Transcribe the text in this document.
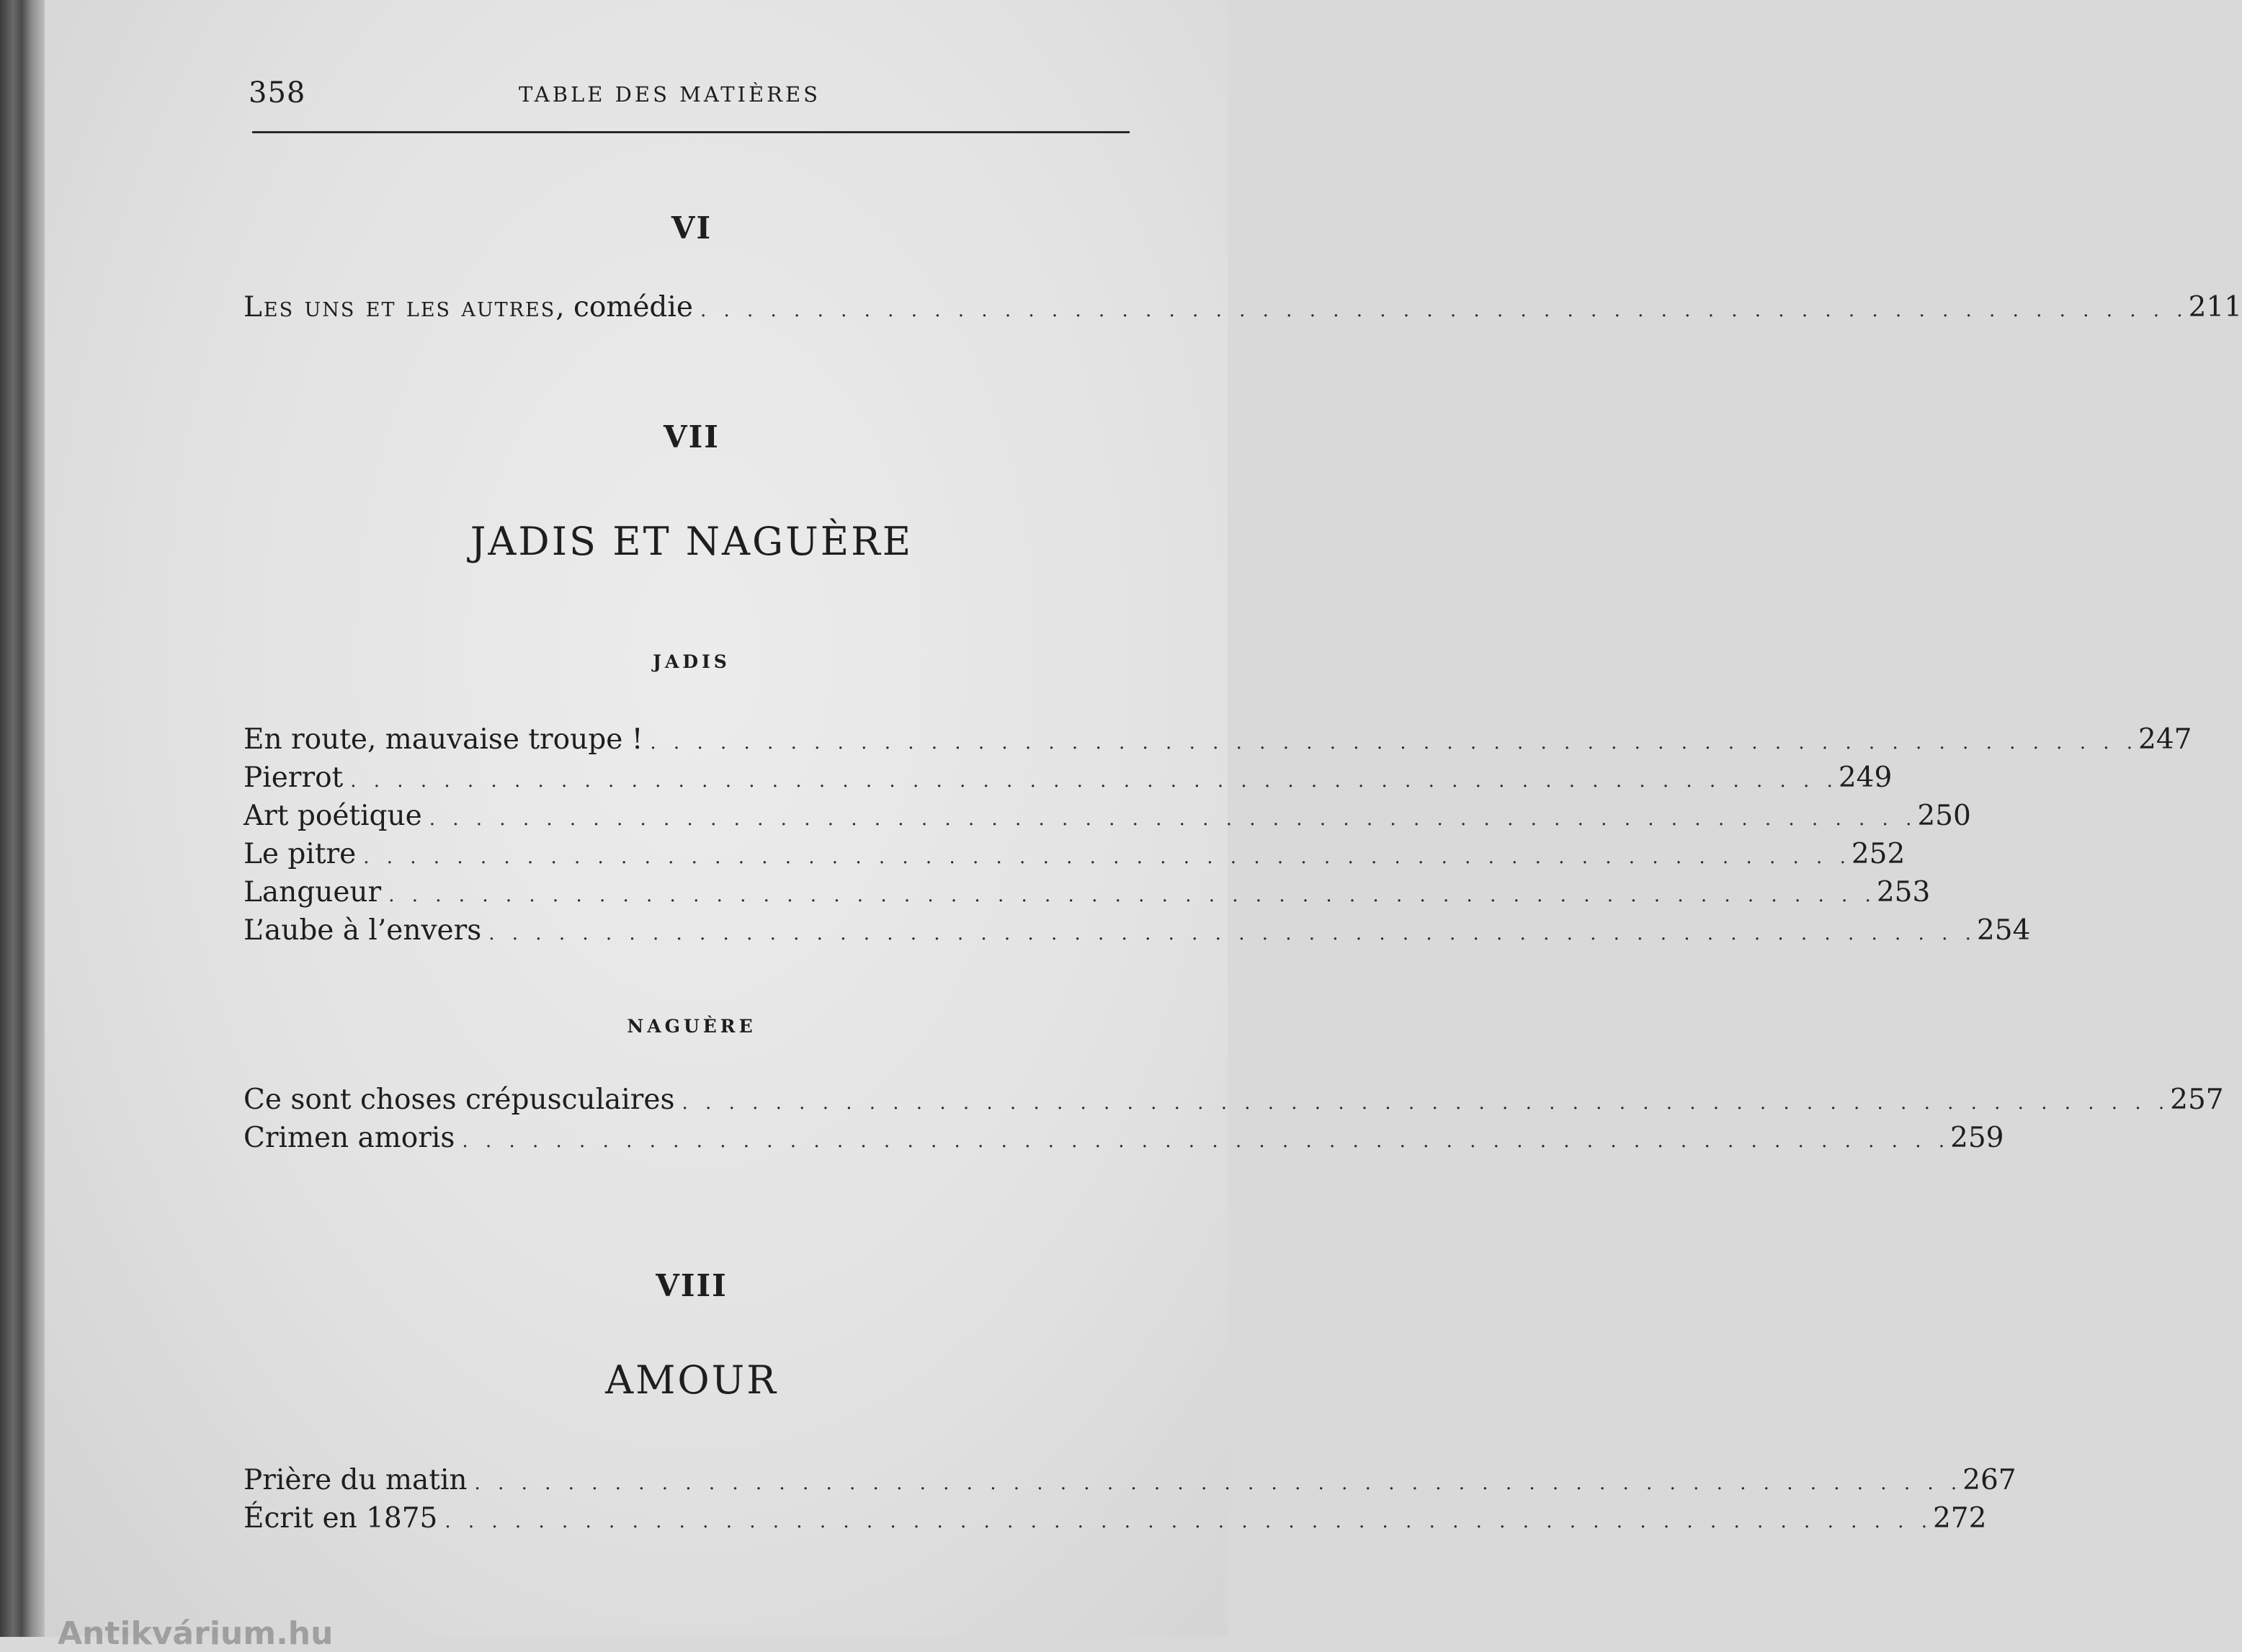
358	TABLE DES MATIÈRES
VI
Les uns et les autres, comédie . . . . . . . . . . . . . . . . . . . . . . . . . . . . . . . . . . . . . . . . . . . . . . . . . . . . . . . . . . . . . . . . 211
VII
JADIS ET NAGUÈRE
JADIS
En route, mauvaise troupe ! . . . . . . . . . . . . . . . . . . . . . . . . . . . . . . . . . . . . . . . . . . . . . . . . . . . . . . . . . . . . . . . . 247
Pierrot . . . . . . . . . . . . . . . . . . . . . . . . . . . . . . . . . . . . . . . . . . . . . . . . . . . . . . . . . . . . . . . . 249
Art poétique . . . . . . . . . . . . . . . . . . . . . . . . . . . . . . . . . . . . . . . . . . . . . . . . . . . . . . . . . . . . . . . . 250
Le pitre . . . . . . . . . . . . . . . . . . . . . . . . . . . . . . . . . . . . . . . . . . . . . . . . . . . . . . . . . . . . . . . . 252
Langueur . . . . . . . . . . . . . . . . . . . . . . . . . . . . . . . . . . . . . . . . . . . . . . . . . . . . . . . . . . . . . . . . 253
L’aube à l’envers . . . . . . . . . . . . . . . . . . . . . . . . . . . . . . . . . . . . . . . . . . . . . . . . . . . . . . . . . . . . . . . . 254
NAGUÈRE
Ce sont choses crépusculaires . . . . . . . . . . . . . . . . . . . . . . . . . . . . . . . . . . . . . . . . . . . . . . . . . . . . . . . . . . . . . . . . 257
Crimen amoris . . . . . . . . . . . . . . . . . . . . . . . . . . . . . . . . . . . . . . . . . . . . . . . . . . . . . . . . . . . . . . . . 259
VIII
AMOUR
Prière du matin . . . . . . . . . . . . . . . . . . . . . . . . . . . . . . . . . . . . . . . . . . . . . . . . . . . . . . . . . . . . . . . . 267
Écrit en 1875 . . . . . . . . . . . . . . . . . . . . . . . . . . . . . . . . . . . . . . . . . . . . . . . . . . . . . . . . . . . . . . . . 272
Antikvárium.hu
